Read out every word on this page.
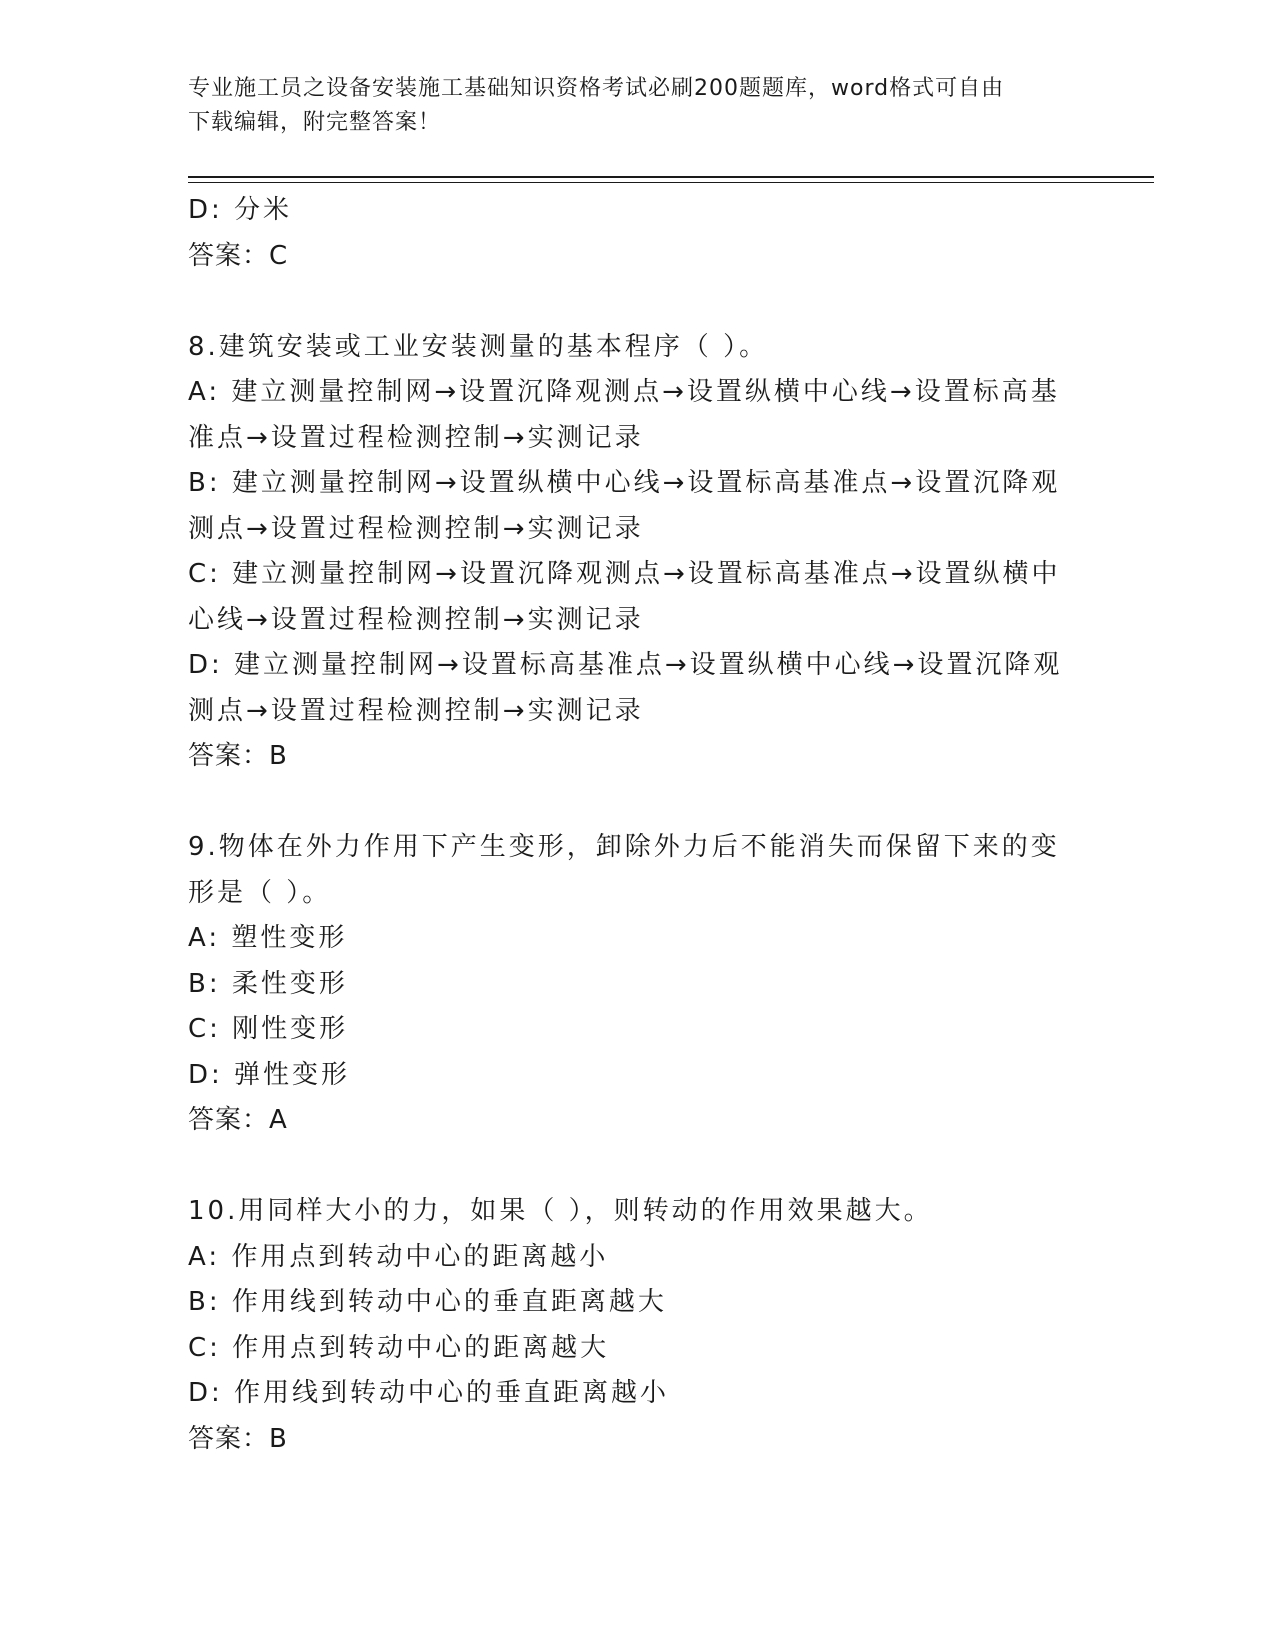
专业施工员之设备安装施工基础知识资格考试必刷200题题库，word格式可自由
下载编辑，附完整答案！
D: 分米
答案：C
8.建筑安装或工业安装测量的基本程序（ ）。
A: 建立测量控制网→设置沉降观测点→设置纵横中心线→设置标高基
准点→设置过程检测控制→实测记录
B: 建立测量控制网→设置纵横中心线→设置标高基准点→设置沉降观
测点→设置过程检测控制→实测记录
C: 建立测量控制网→设置沉降观测点→设置标高基准点→设置纵横中
心线→设置过程检测控制→实测记录
D: 建立测量控制网→设置标高基准点→设置纵横中心线→设置沉降观
测点→设置过程检测控制→实测记录
答案：B
9.物体在外力作用下产生变形，卸除外力后不能消失而保留下来的变
形是（ ）。
A: 塑性变形
B: 柔性变形
C: 刚性变形
D: 弹性变形
答案：A
10.用同样大小的力，如果（ ），则转动的作用效果越大。
A: 作用点到转动中心的距离越小
B: 作用线到转动中心的垂直距离越大
C: 作用点到转动中心的距离越大
D: 作用线到转动中心的垂直距离越小
答案：B
